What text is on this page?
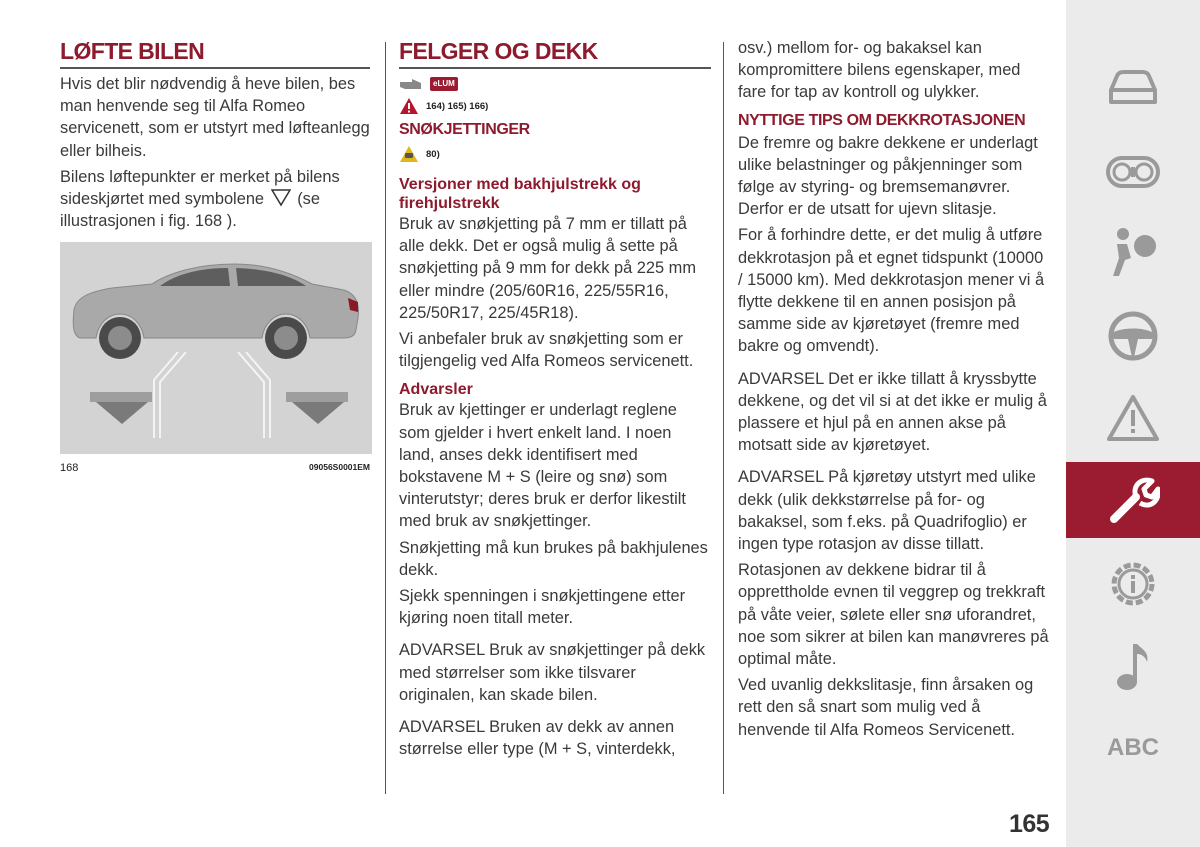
LØFTE BILEN

Hvis det blir nødvendig å heve bilen, bes man henvende seg til Alfa Romeo servicenett, som er utstyrt med løfteanlegg eller bilheis.

Bilens løftepunkter er merket på bilens sideskjørtet med symbolene (se illustrasjonen i fig. 168 ).

168	09056S0001EM
FELGER OG DEKK
eLUM
164) 165) 166)
SNØKJETTINGER
80)
Versjoner med bakhjulstrekk og firehjulstrekk

Bruk av snøkjetting på 7 mm er tillatt på alle dekk. Det er også mulig å sette på snøkjetting på 9 mm for dekk på 225 mm eller mindre (205/60R16, 225/55R16, 225/50R17, 225/45R18).

Vi anbefaler bruk av snøkjetting som er tilgjengelig ved Alfa Romeos servicenett.

Advarsler

Bruk av kjettinger er underlagt reglene som gjelder i hvert enkelt land. I noen land, anses dekk identifisert med bokstavene M + S (leire og snø) som vinterutstyr; deres bruk er derfor likestilt med bruk av snøkjettinger.

Snøkjetting må kun brukes på bakhjulenes dekk.

Sjekk spenningen i snøkjettingene etter kjøring noen titall meter.

ADVARSEL Bruk av snøkjettinger på dekk med størrelser som ikke tilsvarer originalen, kan skade bilen.

ADVARSEL Bruken av dekk av annen størrelse eller type (M + S, vinterdekk,

osv.) mellom for- og bakaksel kan kompromittere bilens egenskaper, med fare for tap av kontroll og ulykker.

NYTTIGE TIPS OM DEKKROTASJONEN

De fremre og bakre dekkene er underlagt ulike belastninger og påkjenninger som følge av styring- og bremsemanøvrer. Derfor er de utsatt for ujevn slitasje.

For å forhindre dette, er det mulig å utføre dekkrotasjon på et egnet tidspunkt (10000 / 15000 km). Med dekkrotasjon mener vi å flytte dekkene til en annen posisjon på samme side av kjøretøyet (fremre med bakre og omvendt).

ADVARSEL Det er ikke tillatt å kryssbytte dekkene, og det vil si at det ikke er mulig å plassere et hjul på en annen akse på motsatt side av kjøretøyet.

ADVARSEL På kjøretøy utstyrt med ulike dekk (ulik dekkstørrelse på for- og bakaksel, som f.eks. på Quadrifoglio) er ingen type rotasjon av disse tillatt.

Rotasjonen av dekkene bidrar til å opprettholde evnen til veggrep og trekkraft på våte veier, sølete eller snø uforandret, noe som sikrer at bilen kan manøvreres på optimal måte.

Ved uvanlig dekkslitasje, finn årsaken og rett den så snart som mulig ved å henvende til Alfa Romeos Servicenett.

ABC
165
